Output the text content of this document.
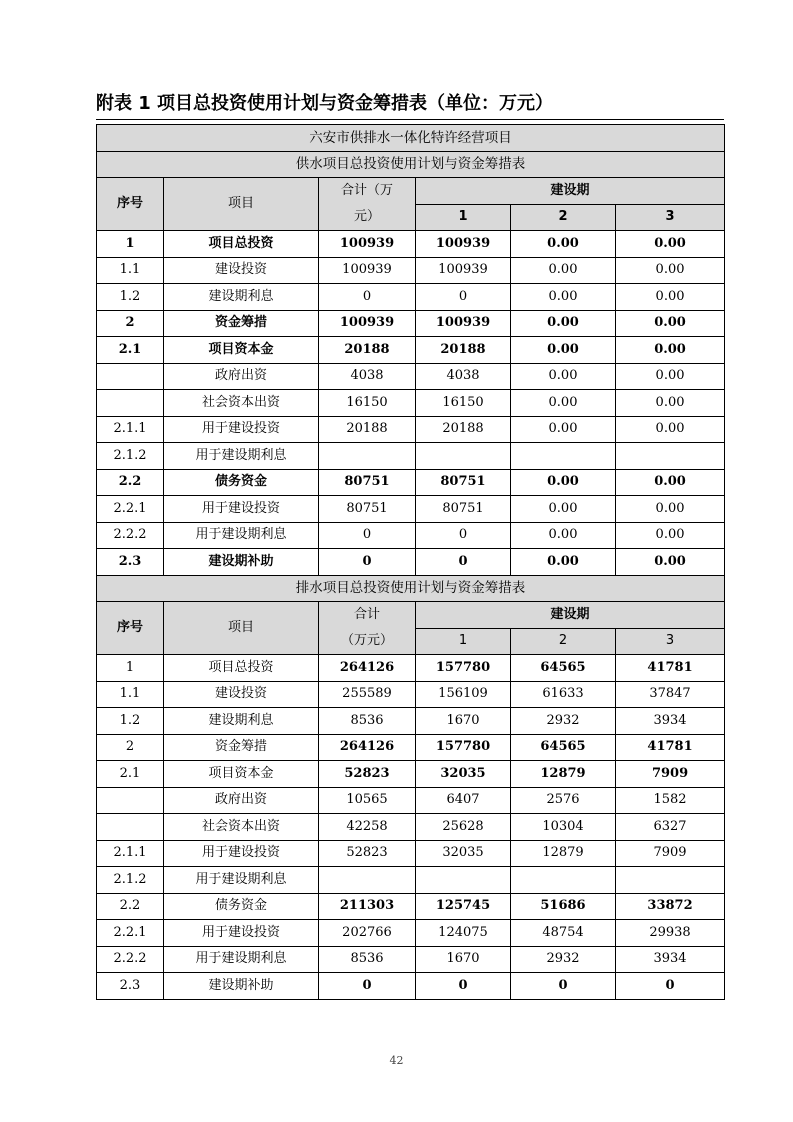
附表 1 项目总投资使用计划与资金筹措表（单位：万元）
六安市供排水一体化特许经营项目					
供水项目总投资使用计划与资金筹措表					
序号	项目	合计（万	建设期		
		元）	1	2	3
1	项目总投资	100939	100939	0.00	0.00
1.1	建设投资	100939	100939	0.00	0.00
1.2	建设期利息	0	0	0.00	0.00
2	资金筹措	100939	100939	0.00	0.00
2.1	项目资本金	20188	20188	0.00	0.00
	政府出资	4038	4038	0.00	0.00
	社会资本出资	16150	16150	0.00	0.00
2.1.1	用于建设投资	20188	20188	0.00	0.00
2.1.2	用于建设期利息				
2.2	债务资金	80751	80751	0.00	0.00
2.2.1	用于建设投资	80751	80751	0.00	0.00
2.2.2	用于建设期利息	0	0	0.00	0.00
2.3	建设期补助	0	0	0.00	0.00
排水项目总投资使用计划与资金筹措表					
序号	项目	合计	建设期		
		（万元）	1	2	3
1	项目总投资	264126	157780	64565	41781
1.1	建设投资	255589	156109	61633	37847
1.2	建设期利息	8536	1670	2932	3934
2	资金筹措	264126	157780	64565	41781
2.1	项目资本金	52823	32035	12879	7909
	政府出资	10565	6407	2576	1582
	社会资本出资	42258	25628	10304	6327
2.1.1	用于建设投资	52823	32035	12879	7909
2.1.2	用于建设期利息				
2.2	债务资金	211303	125745	51686	33872
2.2.1	用于建设投资	202766	124075	48754	29938
2.2.2	用于建设期利息	8536	1670	2932	3934
2.3	建设期补助	0	0	0	0
42
